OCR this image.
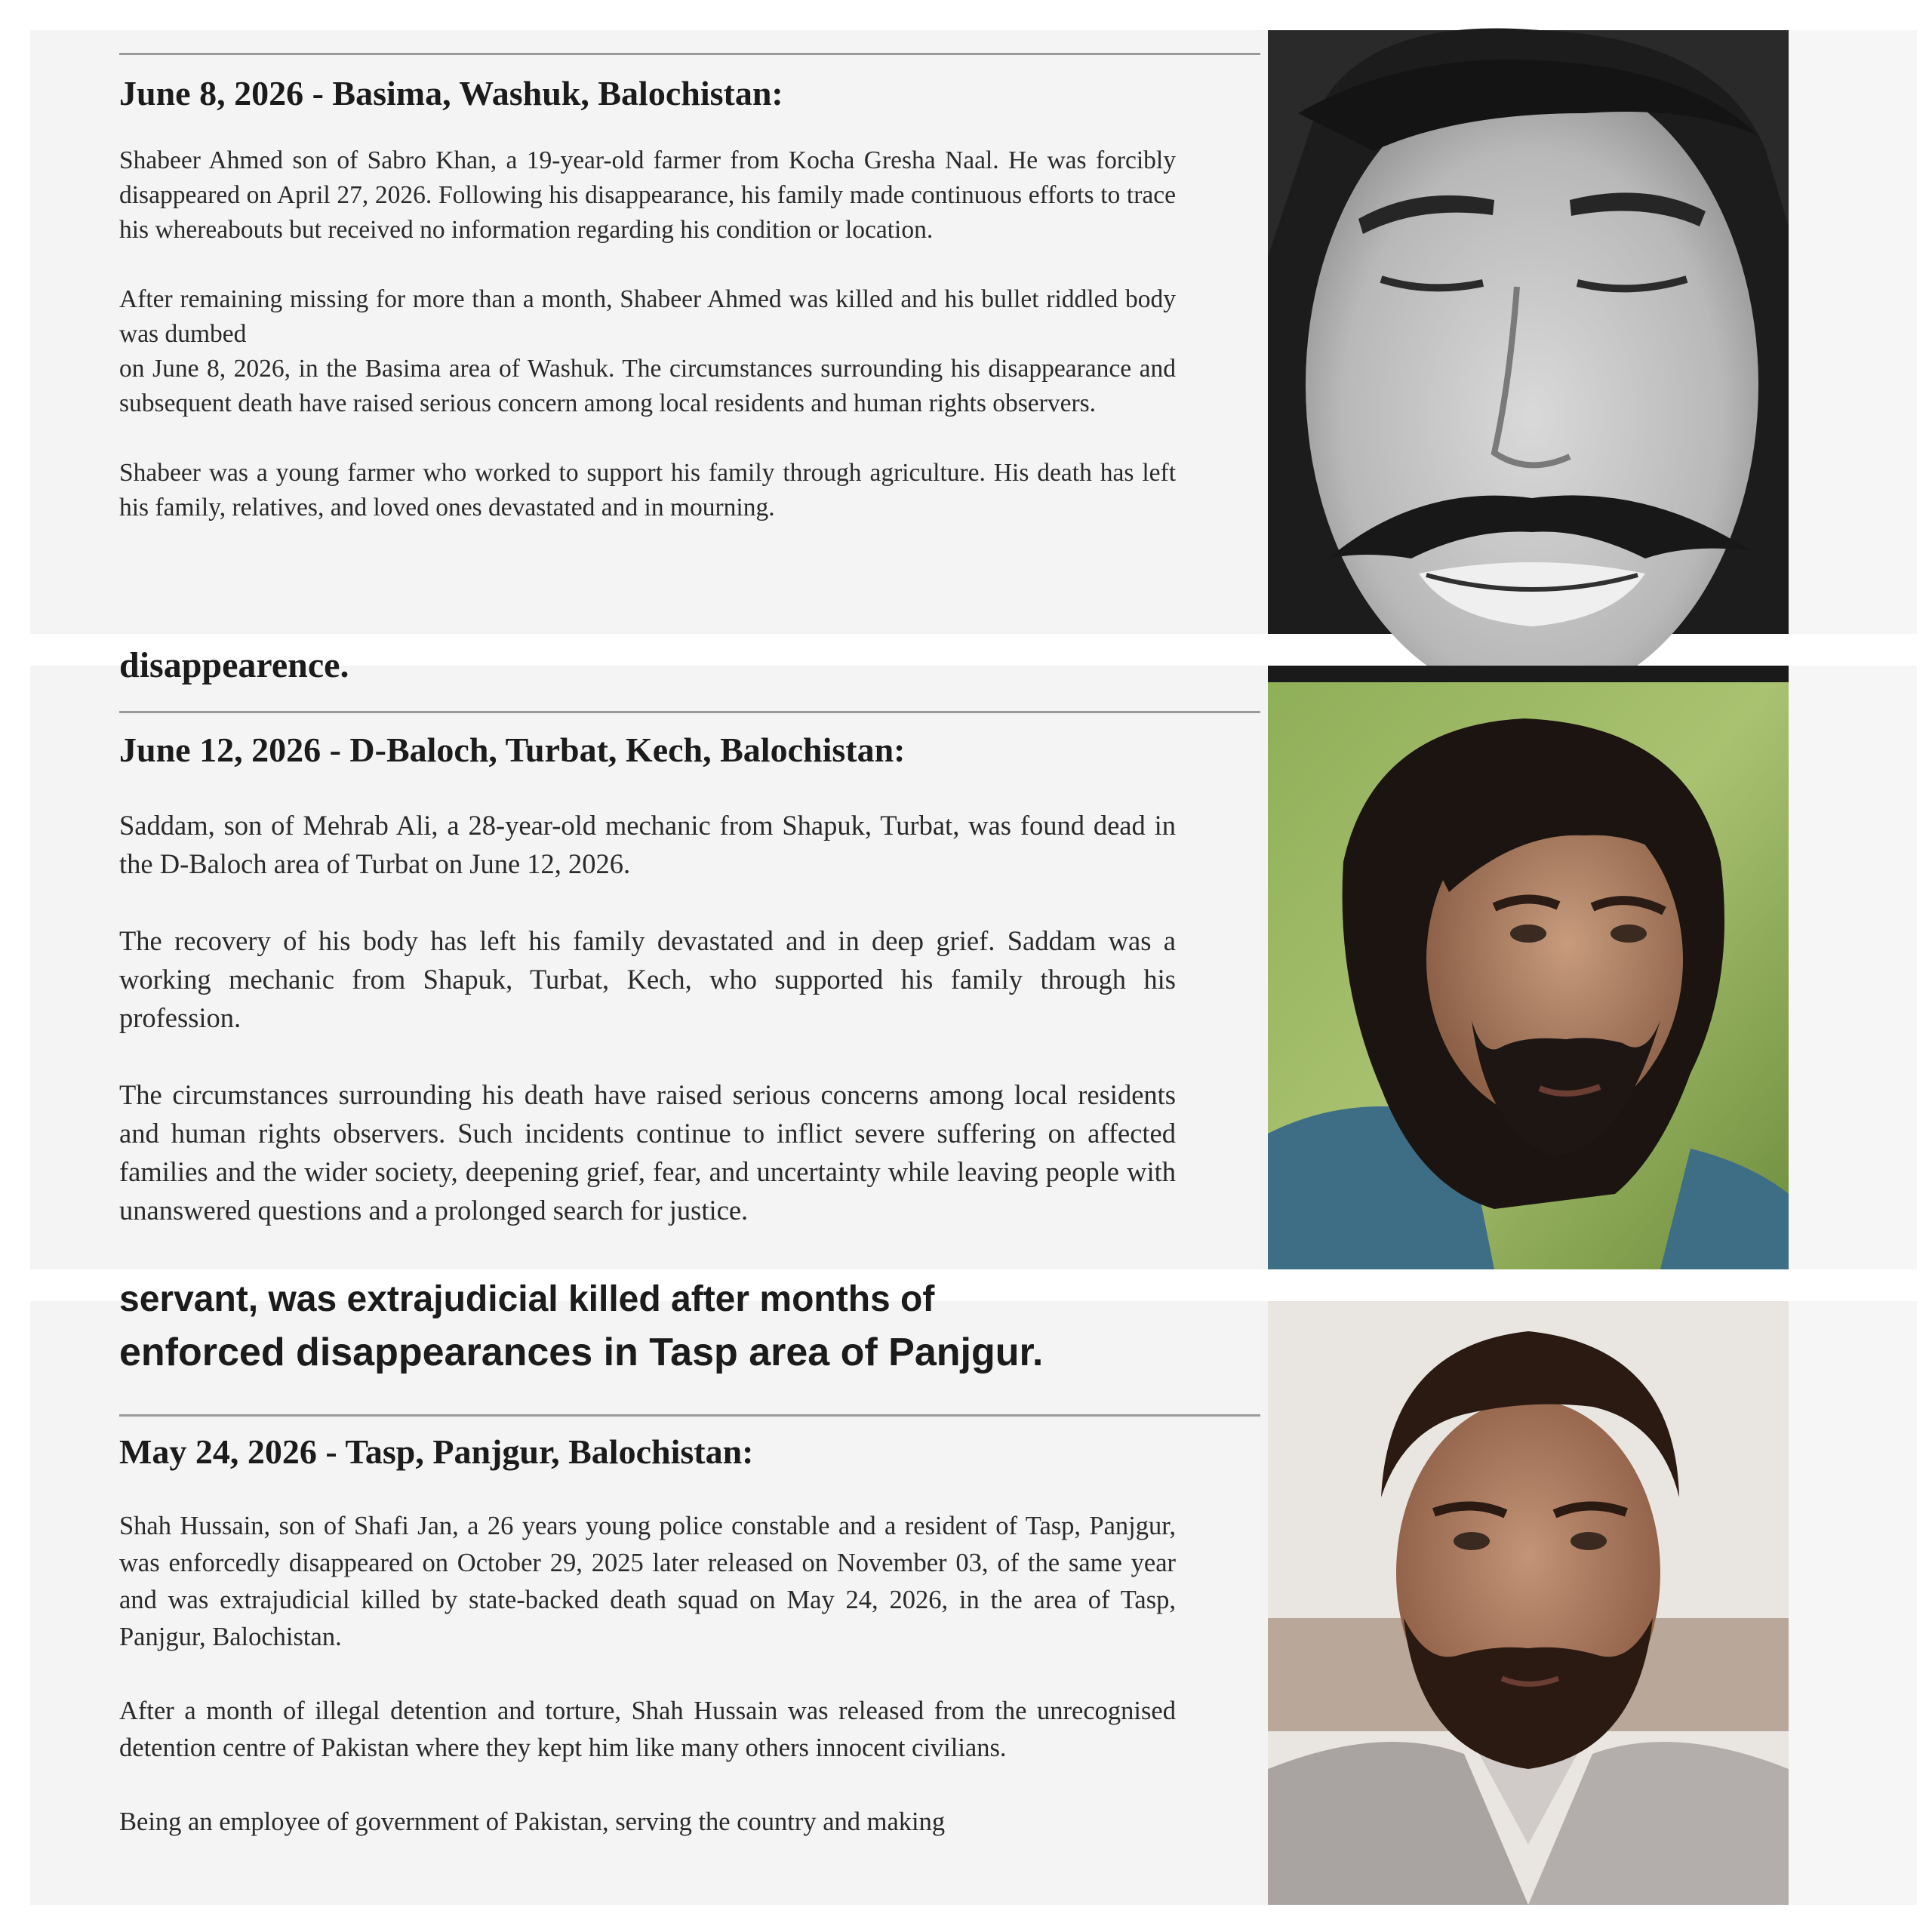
June 8, 2026 - Basima, Washuk, Balochistan:

Shabeer Ahmed son of Sabro Khan, a 19-year-old farmer from Kocha Gresha Naal. He was forcibly disappeared on April 27, 2026. Following his disappearance, his family made continuous efforts to trace his whereabouts but received no information regarding his condition or location.

After remaining missing for more than a month, Shabeer Ahmed was killed and his bullet riddled body was dumbed

on June 8, 2026, in the Basima area of Washuk. The circumstances surrounding his disappearance and subsequent death have raised serious concern among local residents and human rights observers.

Shabeer was a young farmer who worked to support his family through agriculture. His death has left his family, relatives, and loved ones devastated and in mourning.

disappearence.
June 12, 2026 - D-Baloch, Turbat, Kech, Balochistan:

Saddam, son of Mehrab Ali, a 28-year-old mechanic from Shapuk, Turbat, was found dead in the D-Baloch area of Turbat on June 12, 2026.

The recovery of his body has left his family devastated and in deep grief. Saddam was a working mechanic from Shapuk, Turbat, Kech, who supported his family through his profession.

The circumstances surrounding his death have raised serious concerns among local residents and human rights observers. Such incidents continue to inflict severe suffering on affected families and the wider society, deepening grief, fear, and uncertainty while leaving people with unanswered questions and a prolonged search for justice.

servant, was extrajudicial killed after months of
enforced disappearances in Tasp area of Panjgur.
May 24, 2026 - Tasp, Panjgur, Balochistan:

Shah Hussain, son of Shafi Jan, a 26 years young police constable and a resident of Tasp, Panjgur, was enforcedly disappeared on October 29, 2025 later released on November 03, of the same year and was extrajudicial killed by state-backed death squad on May 24, 2026, in the area of Tasp, Panjgur, Balochistan.

After a month of illegal detention and torture, Shah Hussain was released from the unrecognised detention centre of Pakistan where they kept him like many others innocent civilians.

Being an employee of government of Pakistan, serving the country and making
